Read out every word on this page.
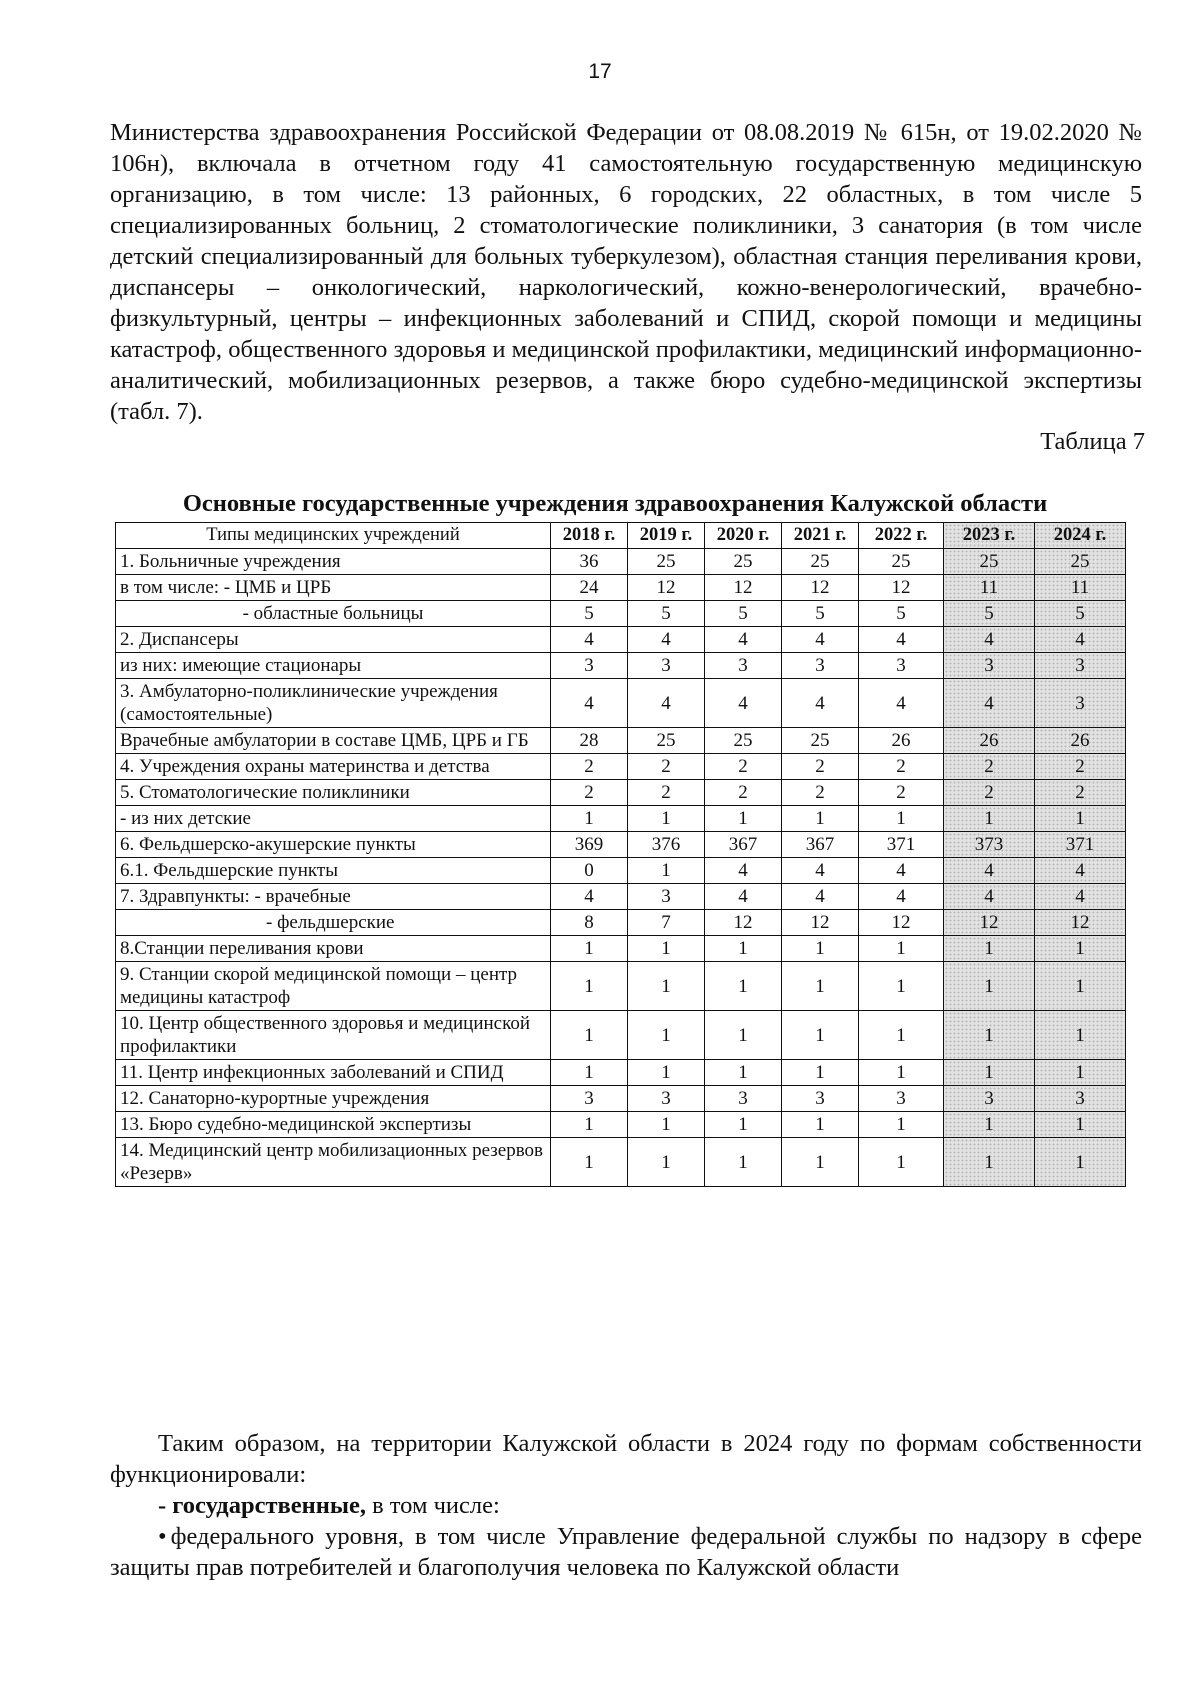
17
Министерства здравоохранения Российской Федерации от 08.08.2019 № 615н, от 19.02.2020 № 106н), включала в отчетном году 41 самостоятельную государственную медицинскую организацию, в том числе: 13 районных, 6 городских, 22 областных, в том числе 5 специализированных больниц, 2 стоматологические поликлиники, 3 санатория (в том числе детский специализированный для больных туберкулезом), областная станция переливания крови, диспансеры – онкологический, наркологический, кожно-венерологический, врачебно-физкультурный, центры – инфекционных заболеваний и СПИД, скорой помощи и медицины катастроф, общественного здоровья и медицинской профилактики, медицинский информационно-аналитический, мобилизационных резервов, а также бюро судебно-медицинской экспертизы (табл. 7).
Таблица 7
Основные государственные учреждения здравоохранения Калужской области
Типы медицинских учреждений	2018 г.	2019 г.	2020 г.	2021 г.	2022 г.	2023 г.	2024 г.
1. Больничные учреждения	36	25	25	25	25	25	25
в том числе: - ЦМБ и ЦРБ	24	12	12	12	12	11	11
- областные больницы	5	5	5	5	5	5	5
2. Диспансеры	4	4	4	4	4	4	4
из них: имеющие стационары	3	3	3	3	3	3	3
3. Амбулаторно-поликлинические учреждения (самостоятельные)	4	4	4	4	4	4	3
Врачебные амбулатории в составе ЦМБ, ЦРБ и ГБ	28	25	25	25	26	26	26
4. Учреждения охраны материнства и детства	2	2	2	2	2	2	2
5. Стоматологические поликлиники	2	2	2	2	2	2	2
- из них детские	1	1	1	1	1	1	1
6. Фельдшерско-акушерские пункты	369	376	367	367	371	373	371
6.1. Фельдшерские пункты	0	1	4	4	4	4	4
7. Здравпункты: - врачебные	4	3	4	4	4	4	4
- фельдшерские	8	7	12	12	12	12	12
8.Станции переливания крови	1	1	1	1	1	1	1
9. Станции скорой медицинской помощи – центр медицины катастроф	1	1	1	1	1	1	1
10. Центр общественного здоровья и медицинской профилактики	1	1	1	1	1	1	1
11. Центр инфекционных заболеваний и СПИД	1	1	1	1	1	1	1
12. Санаторно-курортные учреждения	3	3	3	3	3	3	3
13. Бюро судебно-медицинской экспертизы	1	1	1	1	1	1	1
14. Медицинский центр мобилизационных резервов «Резерв»	1	1	1	1	1	1	1
Таким образом, на территории Калужской области в 2024 году по формам собственности функционировали:
- государственные, в том числе:
• федерального уровня, в том числе Управление федеральной службы по надзору в сфере защиты прав потребителей и благополучия человека по Калужской области
